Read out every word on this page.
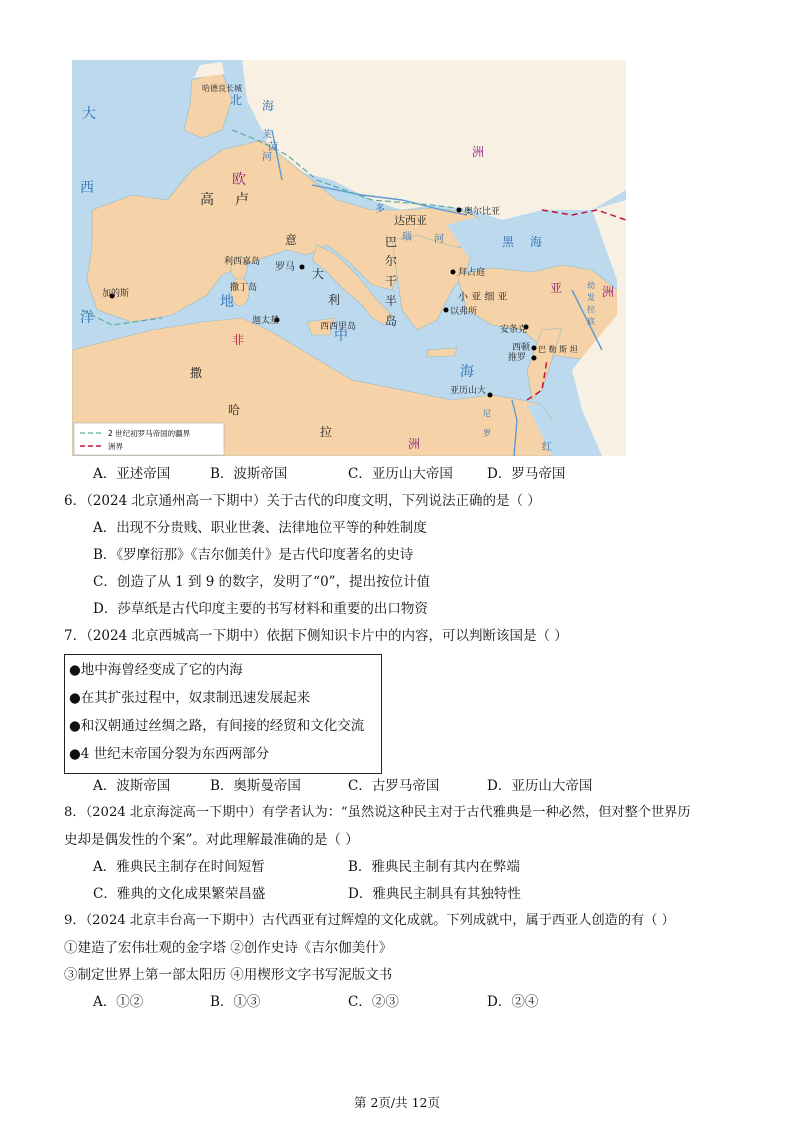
大
西
洋
哈德良长城
北 海
莱
茵
河
欧
洲
高 卢
达西亚
奥尔比亚
多
瑙 河
意
大
利
巴
尔
干
半
岛
黑 海
拜占庭
利西嘉岛
撒丁岛
罗马
加的斯	地
中
海
迦太基
西西里岛
小 亚 细 亚
以弗所
亚	洲
幼
发
拉
底
安条克
西顿
推罗
巴 勒 斯 坦
亚历山大
尼
罗
非
撒
哈
拉
洲	红
2 世纪初罗马帝国的疆界
洲界
A．亚述帝国	B．波斯帝国	C．亚历山大帝国	D．罗马帝国
6．（2024 北京通州高一下期中）关于古代的印度文明，下列说法正确的是（ ）
A．出现不分贵贱、职业世袭、法律地位平等的种姓制度
B．《罗摩衍那》《吉尔伽美什》是古代印度著名的史诗
C．创造了从 1 到 9 的数字，发明了“0”，提出按位计值
D．莎草纸是古代印度主要的书写材料和重要的出口物资
7．（2024 北京西城高一下期中）依据下侧知识卡片中的内容，可以判断该国是（ ）
●地中海曾经变成了它的内海
●在其扩张过程中，奴隶制迅速发展起来
●和汉朝通过丝绸之路，有间接的经贸和文化交流
●4 世纪末帝国分裂为东西两部分
A．波斯帝国	B．奥斯曼帝国	C．古罗马帝国	D．亚历山大帝国
8．（2024 北京海淀高一下期中）有学者认为：“虽然说这种民主对于古代雅典是一种必然，但对整个世界历
史却是偶发性的个案”。对此理解最准确的是（ ）
A．雅典民主制存在时间短暂	B．雅典民主制有其内在弊端
C．雅典的文化成果繁荣昌盛	D．雅典民主制具有其独特性
9．（2024 北京丰台高一下期中）古代西亚有过辉煌的文化成就。下列成就中，属于西亚人创造的有（ ）
①建造了宏伟壮观的金字塔 ②创作史诗《吉尔伽美什》
③制定世界上第一部太阳历 ④用楔形文字书写泥版文书
A．①②	B．①③	C．②③	D．②④
第 2页/共 12页
